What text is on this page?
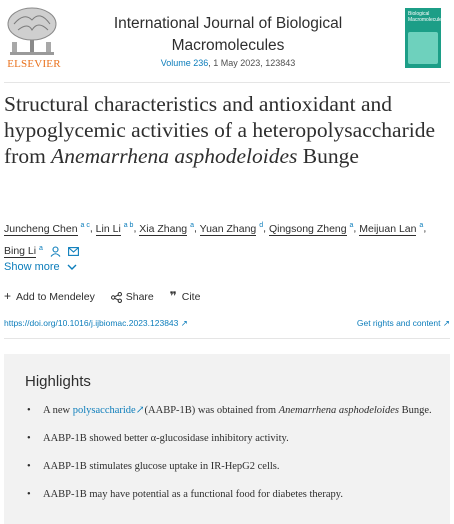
ELSEVIER
International Journal of Biological
Macromolecules
Volume 236, 1 May 2023, 123843
Biological Macromolecules
Structural characteristics and antioxidant and hypoglycemic activities of a heteropolysaccharide from Anemarrhena asphodeloides Bunge
Juncheng Chen $^{a c}$, Lin Li $^{a b}$, Xia Zhang $^a$, Yuan Zhang $^d$, Qingsong Zheng $^a$, Meijuan Lan $^a$,
Bing Li $^a$
Show more
+ Add to Mendeley	Share ❞ Cite
https://doi.org/10.1016/j.ijbiomac.2023.123843 ↗	Get rights and content ↗
Highlights
• A new polysaccharide↗(AABP-1B) was obtained from Anemarrhena asphodeloides Bunge.
• AABP-1B showed better α-glucosidase inhibitory activity.
• AABP-1B stimulates glucose uptake in IR-HepG2 cells.
• AABP-1B may have potential as a functional food for diabetes therapy.
